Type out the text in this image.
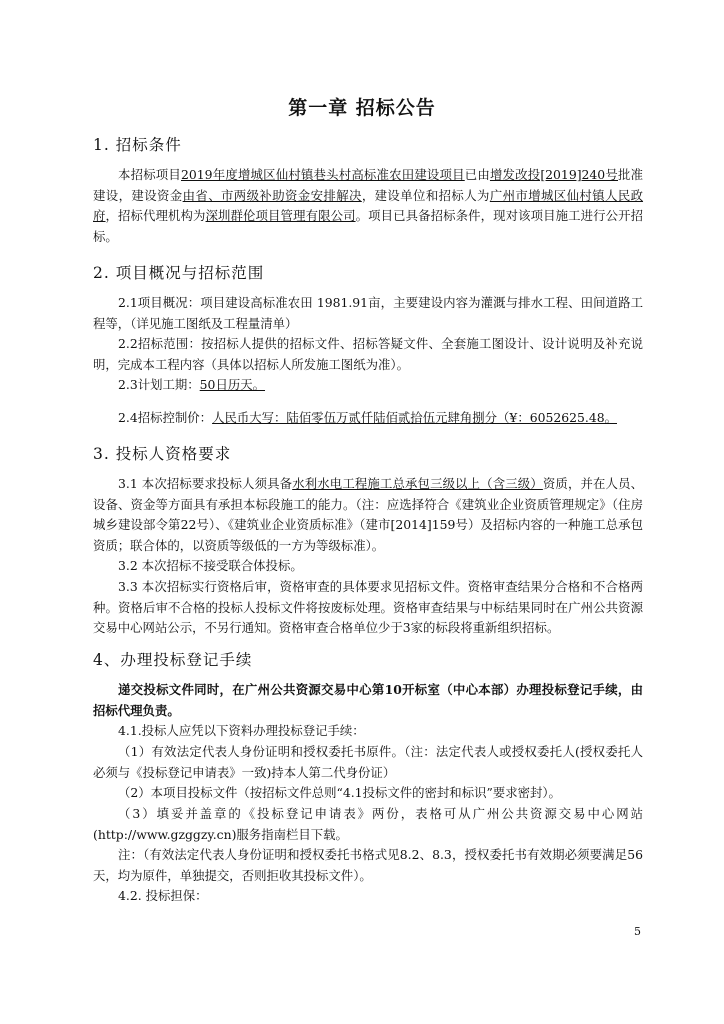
第一章 招标公告
1. 招标条件
本招标项目2019年度增城区仙村镇巷头村高标准农田建设项目已由增发改投[2019]240号批准建设，建设资金由省、市两级补助资金安排解决，建设单位和招标人为广州市增城区仙村镇人民政府，招标代理机构为深圳群伦项目管理有限公司。项目已具备招标条件，现对该项目施工进行公开招标。
2. 项目概况与招标范围
2.1项目概况：项目建设高标准农田 1981.91亩，主要建设内容为灌溉与排水工程、田间道路工程等，（详见施工图纸及工程量清单）
2.2招标范围：按招标人提供的招标文件、招标答疑文件、全套施工图设计、设计说明及补充说明，完成本工程内容（具体以招标人所发施工图纸为准）。
2.3计划工期：50日历天。
2.4招标控制价：人民币大写：陆佰零伍万贰仟陆佰贰拾伍元肆角捌分（¥：6052625.48。
3. 投标人资格要求
3.1 本次招标要求投标人须具备水利水电工程施工总承包三级以上（含三级）资质，并在人员、设备、资金等方面具有承担本标段施工的能力。（注：应选择符合《建筑业企业资质管理规定》（住房城乡建设部令第22号）、《建筑业企业资质标准》（建市[2014]159号）及招标内容的一种施工总承包资质；联合体的，以资质等级低的一方为等级标准）。
3.2 本次招标不接受联合体投标。
3.3 本次招标实行资格后审，资格审查的具体要求见招标文件。资格审查结果分合格和不合格两种。资格后审不合格的投标人投标文件将按废标处理。资格审查结果与中标结果同时在广州公共资源交易中心网站公示，不另行通知。资格审查合格单位少于3家的标段将重新组织招标。
4、办理投标登记手续
递交投标文件同时，在广州公共资源交易中心第10开标室（中心本部）办理投标登记手续，由招标代理负责。
4.1.投标人应凭以下资料办理投标登记手续：
（1）有效法定代表人身份证明和授权委托书原件。（注：法定代表人或授权委托人(授权委托人必须与《投标登记申请表》一致)持本人第二代身份证）
（2）本项目投标文件（按招标文件总则“4.1投标文件的密封和标识”要求密封）。
（3）填妥并盖章的《投标登记申请表》两份，表格可从广州公共资源交易中心网站(http://www.gzggzy.cn)服务指南栏目下载。
注：（有效法定代表人身份证明和授权委托书格式见8.2、8.3，授权委托书有效期必须要满足56天，均为原件，单独提交，否则拒收其投标文件）。
4.2. 投标担保：
5
